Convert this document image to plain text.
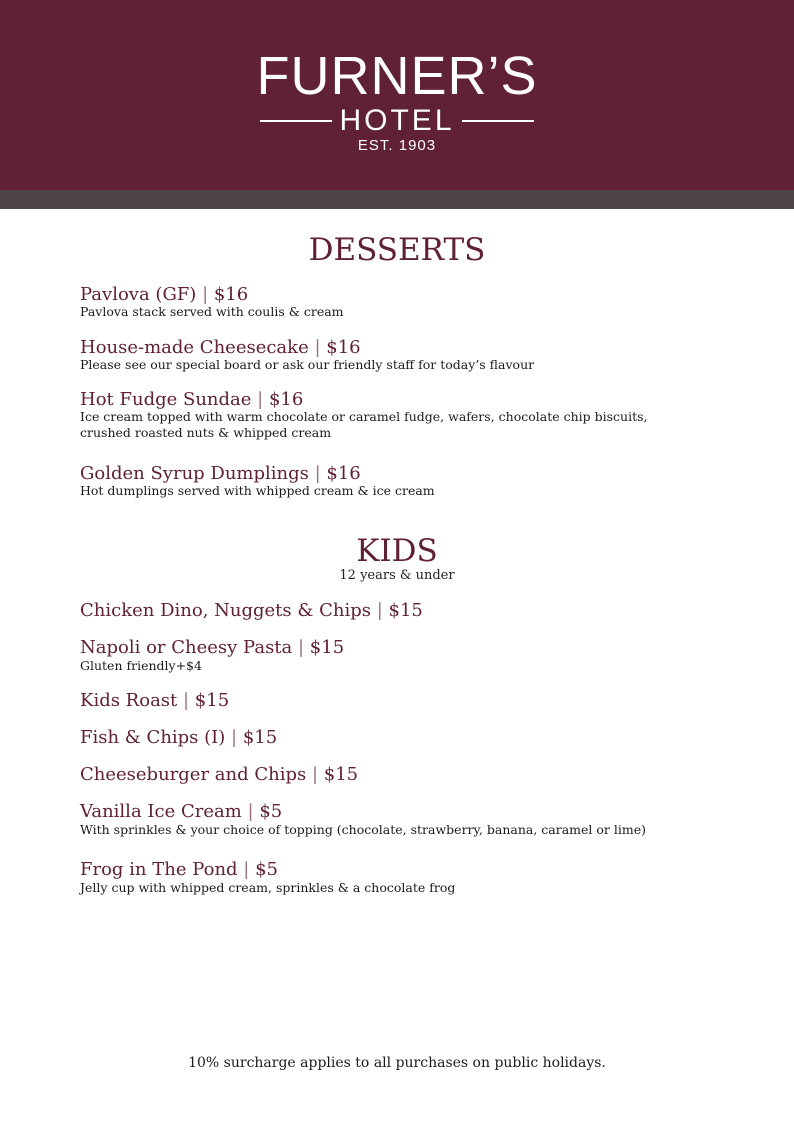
FURNER’S
HOTEL
EST. 1903
DESSERTS
Pavlova (GF) | $16
Pavlova stack served with coulis & cream
House-made Cheesecake | $16
Please see our special board or ask our friendly staff for today’s flavour
Hot Fudge Sundae | $16
Ice cream topped with warm chocolate or caramel fudge, wafers, chocolate chip biscuits, crushed roasted nuts & whipped cream
Golden Syrup Dumplings | $16
Hot dumplings served with whipped cream & ice cream
KIDS
12 years & under
Chicken Dino, Nuggets & Chips | $15
Napoli or Cheesy Pasta | $15
Gluten friendly+$4
Kids Roast | $15
Fish & Chips (I) | $15
Cheeseburger and Chips | $15
Vanilla Ice Cream | $5
With sprinkles & your choice of topping (chocolate, strawberry, banana, caramel or lime)
Frog in The Pond | $5
Jelly cup with whipped cream, sprinkles & a chocolate frog
10% surcharge applies to all purchases on public holidays.
